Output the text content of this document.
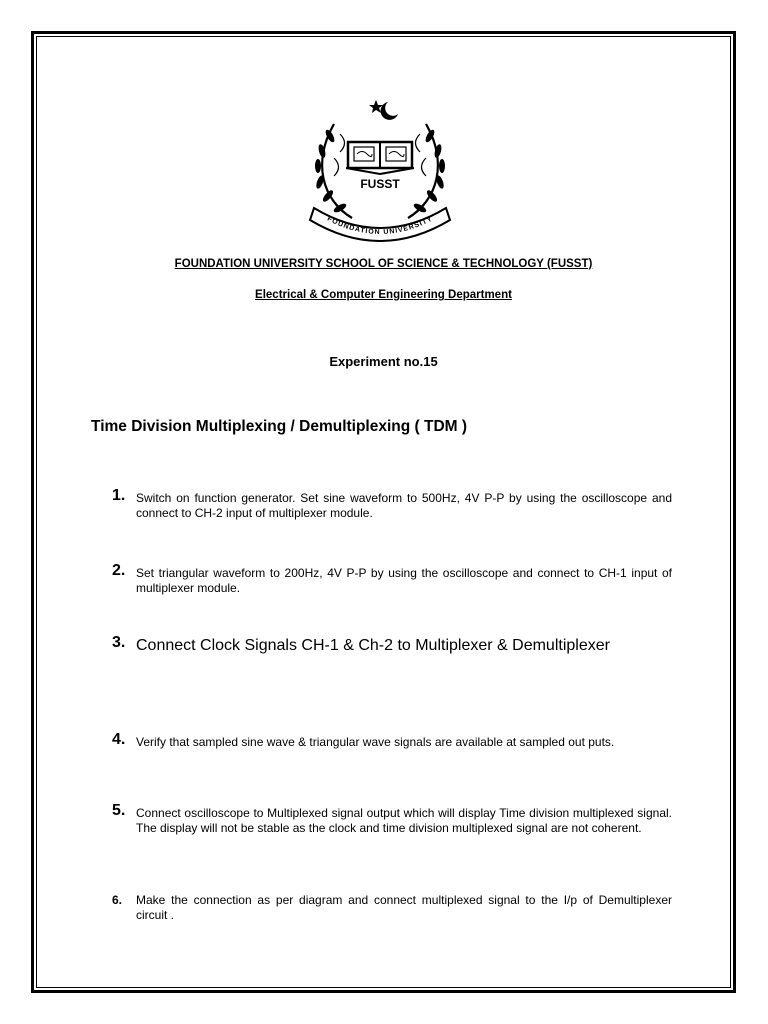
FUSST
FOUNDATION UNIVERSITY
FOUNDATION UNIVERSITY SCHOOL OF SCIENCE & TECHNOLOGY (FUSST)
Electrical & Computer Engineering Department
Experiment no.15
Time Division Multiplexing / Demultiplexing ( TDM )
1. Switch on function generator. Set sine waveform to 500Hz, 4V P-P by using the oscilloscope and connect to CH-2 input of multiplexer module.
2. Set triangular waveform to 200Hz, 4V P-P by using the oscilloscope and connect to CH-1 input of multiplexer module.
3. Connect Clock Signals CH-1 & Ch-2 to Multiplexer & Demultiplexer
4. Verify that sampled sine wave & triangular wave signals are available at sampled out puts.
5. Connect oscilloscope to Multiplexed signal output which will display Time division multiplexed signal. The display will not be stable as the clock and time division multiplexed signal are not coherent.
6. Make the connection as per diagram and connect multiplexed signal to the I/p of Demultiplexer circuit .
